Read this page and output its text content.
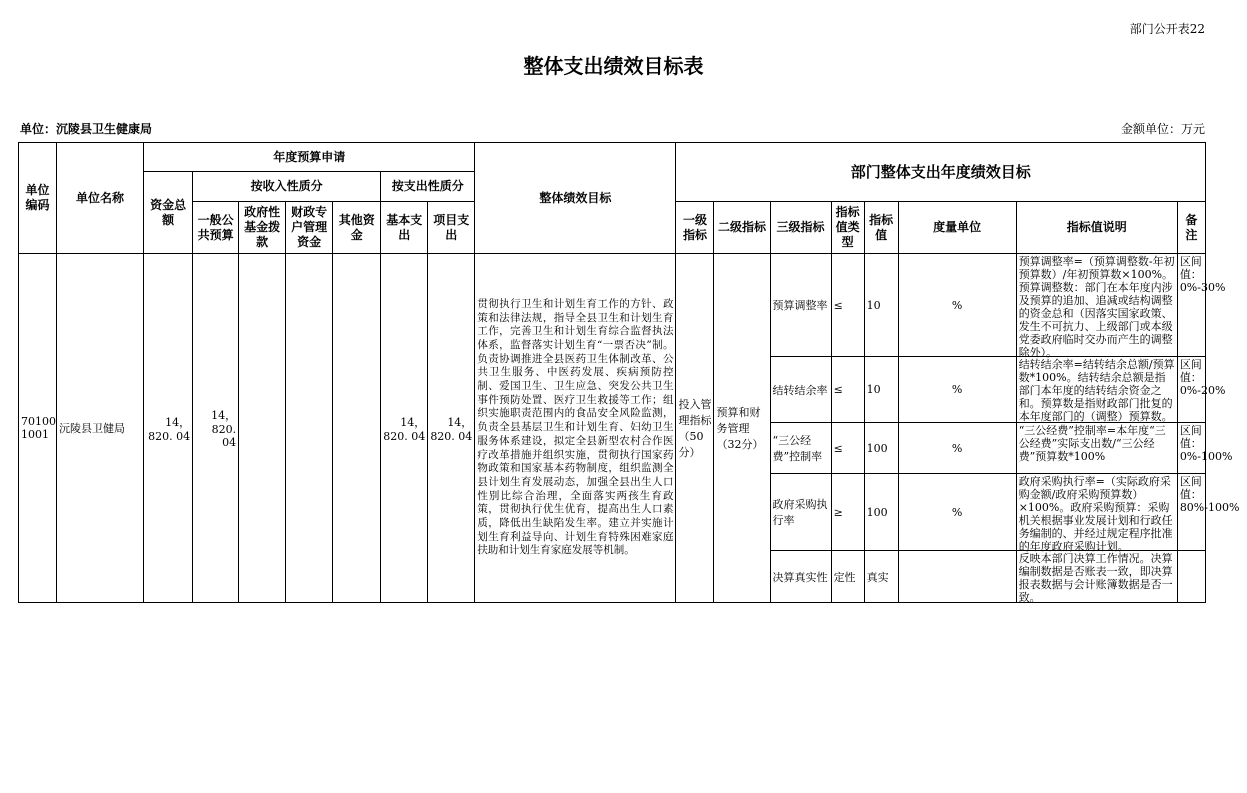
部门公开表22
整体支出绩效目标表
单位：沉陵县卫生健康局	金额单位：万元
单位编码	单位名称	年度预算申请							整体绩效目标	部门整体支出年度绩效目标							
		资金总额	按收入性质分				按支出性质分										
			一般公共预算	政府性基金拨款	财政专户管理资金	其他资金	基本支出	项目支出		一级指标	二级指标	三级指标	指标值类型	指标值	度量单位	指标值说明	备注
70100 1001	沅陵县卫健局	14，820. 04	14，820. 04				14，820. 04	14，820. 04	贯彻执行卫生和计划生育工作的方针、政策和法律法规，指导全县卫生和计划生育工作，完善卫生和计划生育综合监督执法体系，监督落实计划生育“一票否决”制。负责协调推进全县医药卫生体制改革、公共卫生服务、中医药发展、疾病预防控制、爱国卫生、卫生应急、突发公共卫生事件预防处置、医疗卫生救援等工作；组织实施职责范围内的食品安全风险监测，负责全县基层卫生和计划生育、妇幼卫生服务体系建设，拟定全县新型农村合作医疗改革措施并组织实施，贯彻执行国家药物政策和国家基本药物制度，组织监测全县计划生育发展动态，加强全县出生人口性别比综合治理，全面落实两孩生育政策，贯彻执行优生优育，提高出生人口素质，降低出生缺陷发生率。建立并实施计划生育利益导向、计划生育特殊困难家庭扶助和计划生育家庭发展等机制。	投入管理指标（50分）	预算和财务管理（32分）	预算调整率	≤	10	%	预算调整率=（预算调整数-年初预算数）/年初预算数×100%。预算调整数：部门在本年度内涉及预算的追加、追减或结构调整的资金总和（因落实国家政策、发生不可抗力、上级部门或本级党委政府临时交办而产生的调整除外）。	区间值：0%-30%

												结转结余率	≤	10	%	结转结余率=结转结余总额/预算数*100%。结转结余总额是指部门本年度的结转结余资金之和。预算数是指财政部门批复的本年度部门的（调整）预算数。	区间值：0%-20%

												“三公经费”控制率	≤	100	%	“三公经费”控制率=本年度“三公经费”实际支出数/“三公经费”预算数*100%	区间值：0%-100%

												政府采购执行率	≥	100	%	政府采购执行率=（实际政府采购金额/政府采购预算数）×100%。政府采购预算：采购机关根据事业发展计划和行政任务编制的、并经过规定程序批准的年度政府采购计划。	区间值：80%-100%

												决算真实性	定性	真实		反映本部门决算工作情况。决算编制数据是否账表一致，即决算报表数据与会计账簿数据是否一致。	
